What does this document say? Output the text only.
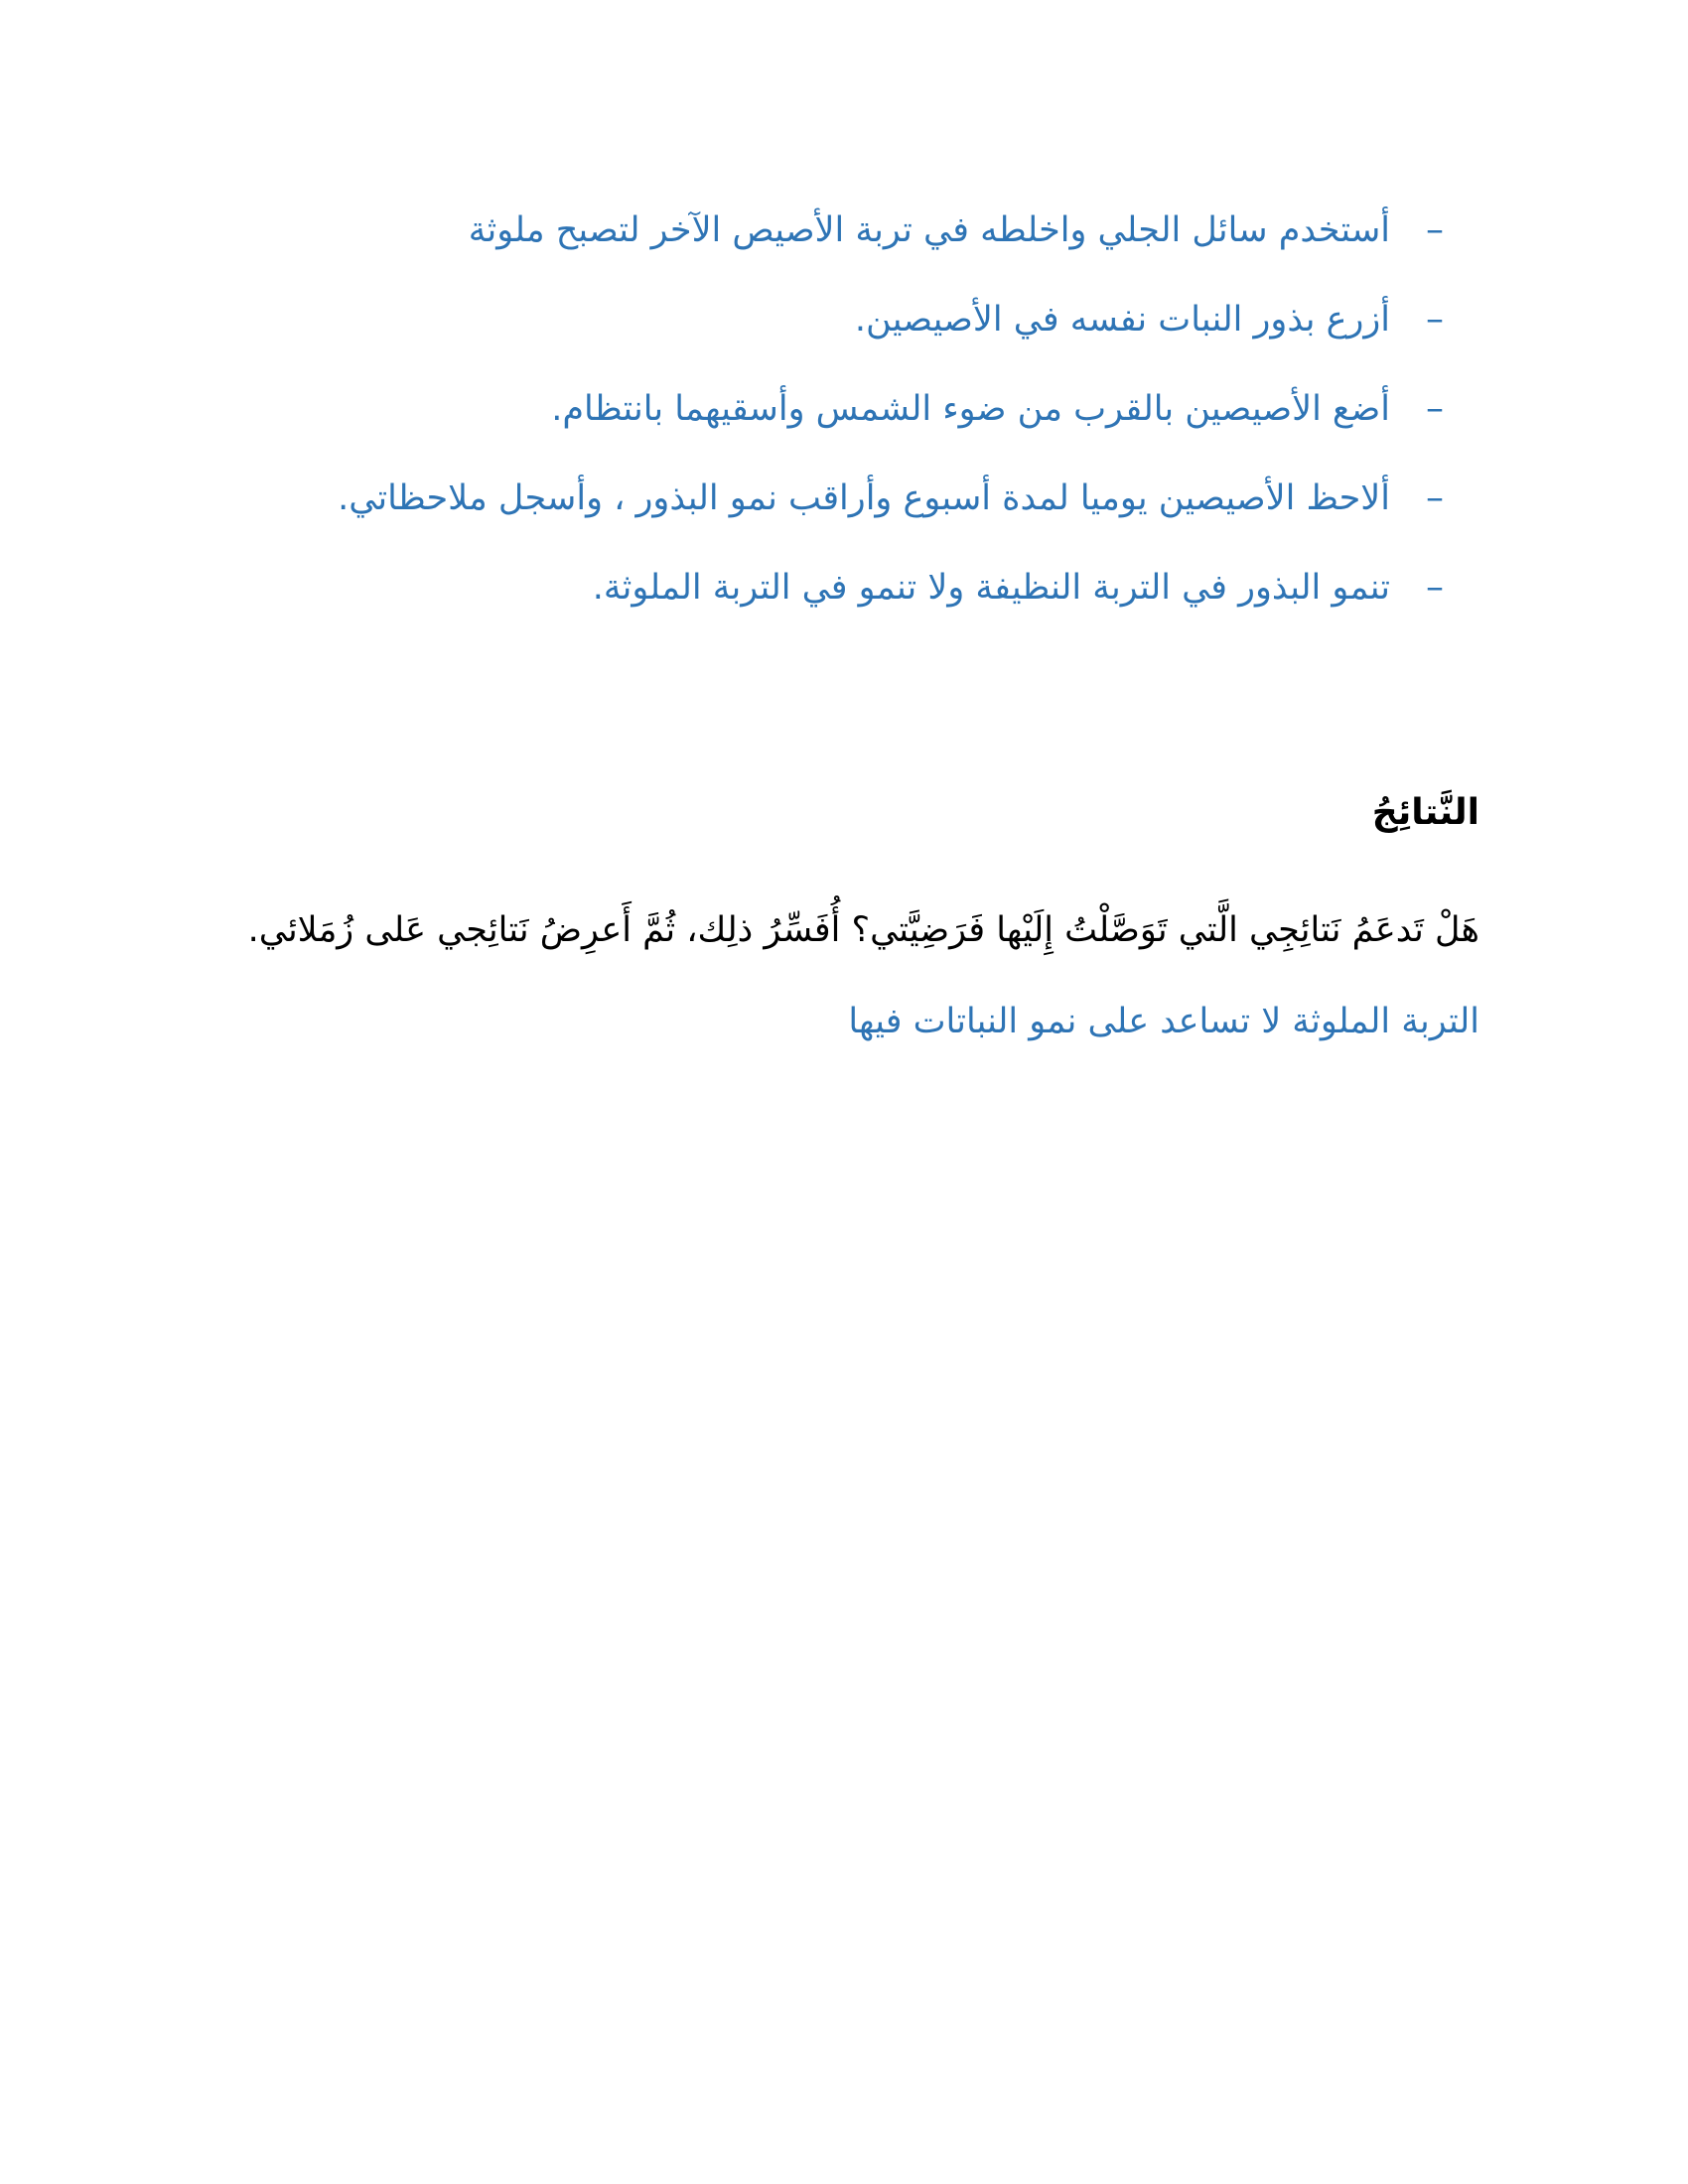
–
أستخدم سائل الجلي واخلطه في تربة الأصيص الآخر لتصبح ملوثة
–
أزرع بذور النبات نفسه في الأصيصين.
–
أضع الأصيصين بالقرب من ضوء الشمس وأسقيهما بانتظام.
–
ألاحظ الأصيصين يوميا لمدة أسبوع وأراقب نمو البذور ، وأسجل ملاحظاتي.
–
تنمو البذور في التربة النظيفة ولا تنمو في التربة الملوثة.
النَّتائِجُ

هَلْ تَدعَمُ نَتائِجِي الَّتي تَوَصَّلْتُ إِلَيْها فَرَضِيَّتي؟ أُفَسِّرُ ذلِك، ثُمَّ أَعرِضُ نَتائِجي عَلى زُمَلائي.

التربة الملوثة لا تساعد على نمو النباتات فيها
